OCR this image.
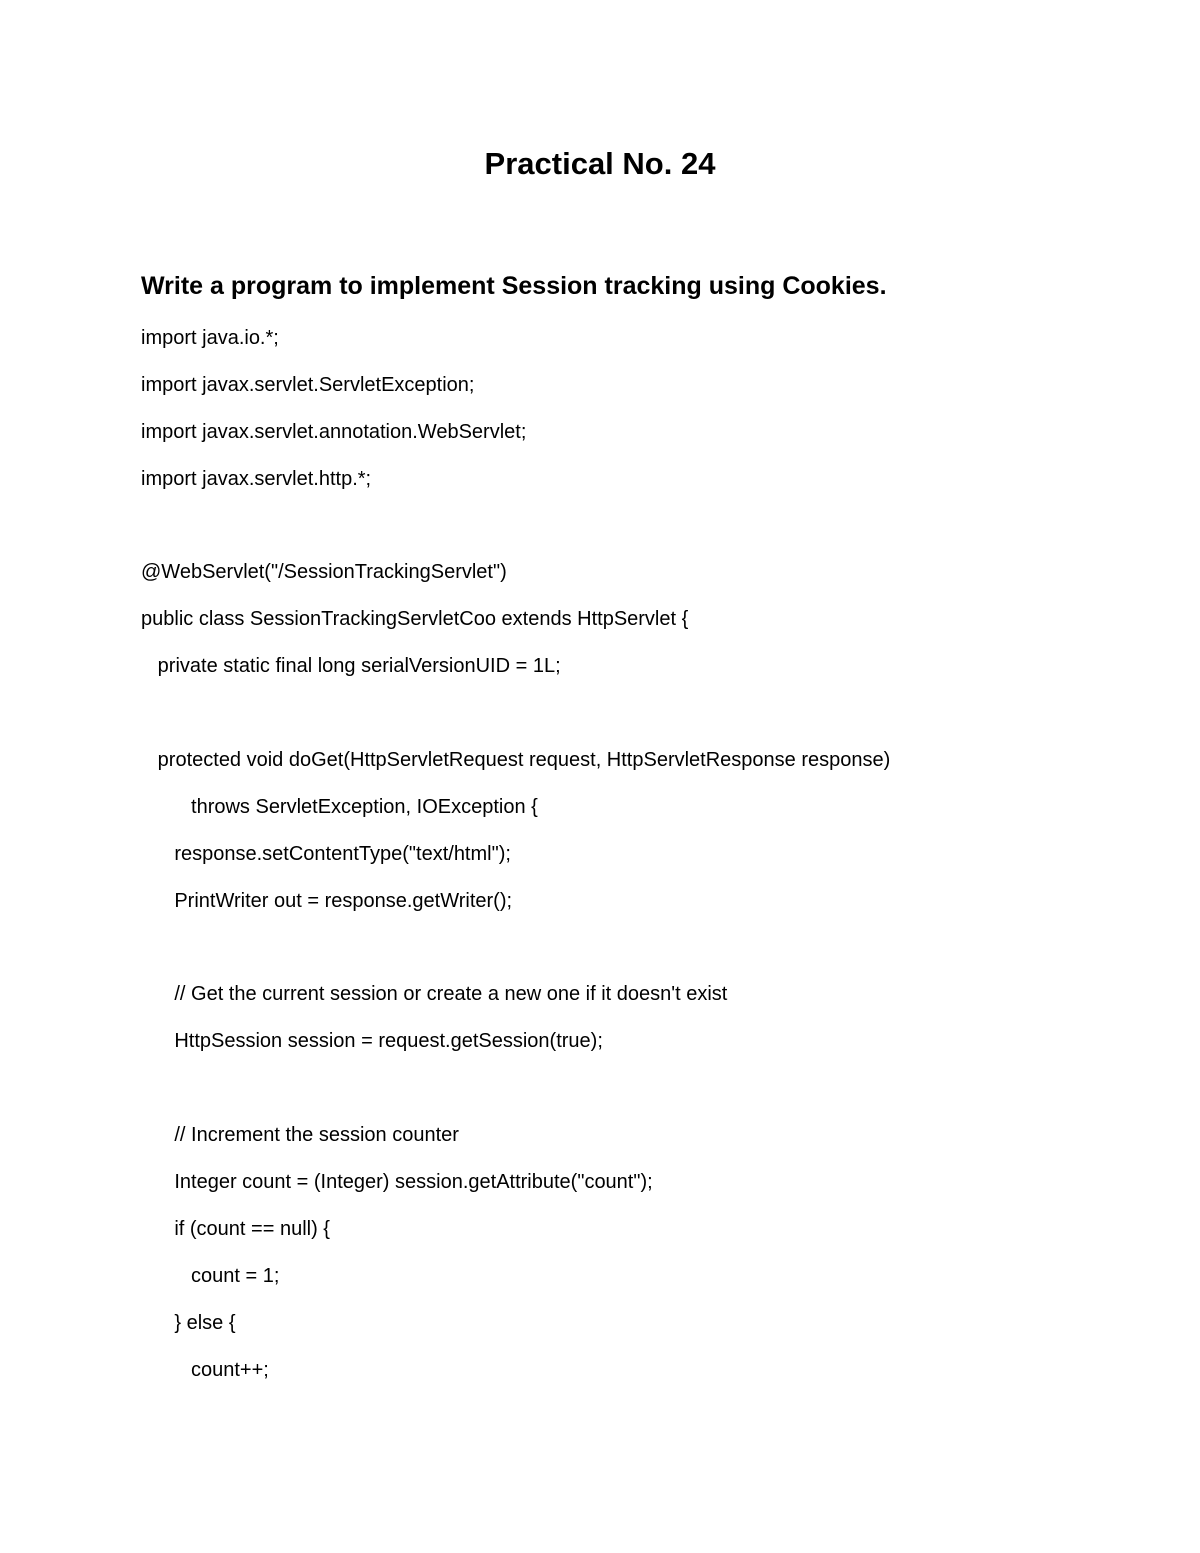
Practical No. 24
Write a program to implement Session tracking using Cookies.
import java.io.*;
import javax.servlet.ServletException;
import javax.servlet.annotation.WebServlet;
import javax.servlet.http.*;
@WebServlet("/SessionTrackingServlet")
public class SessionTrackingServletCoo extends HttpServlet {
private static final long serialVersionUID = 1L;
protected void doGet(HttpServletRequest request, HttpServletResponse response)
throws ServletException, IOException {
response.setContentType("text/html");
PrintWriter out = response.getWriter();
// Get the current session or create a new one if it doesn't exist
HttpSession session = request.getSession(true);
// Increment the session counter
Integer count = (Integer) session.getAttribute("count");
if (count == null) {
count = 1;
} else {
count++;
